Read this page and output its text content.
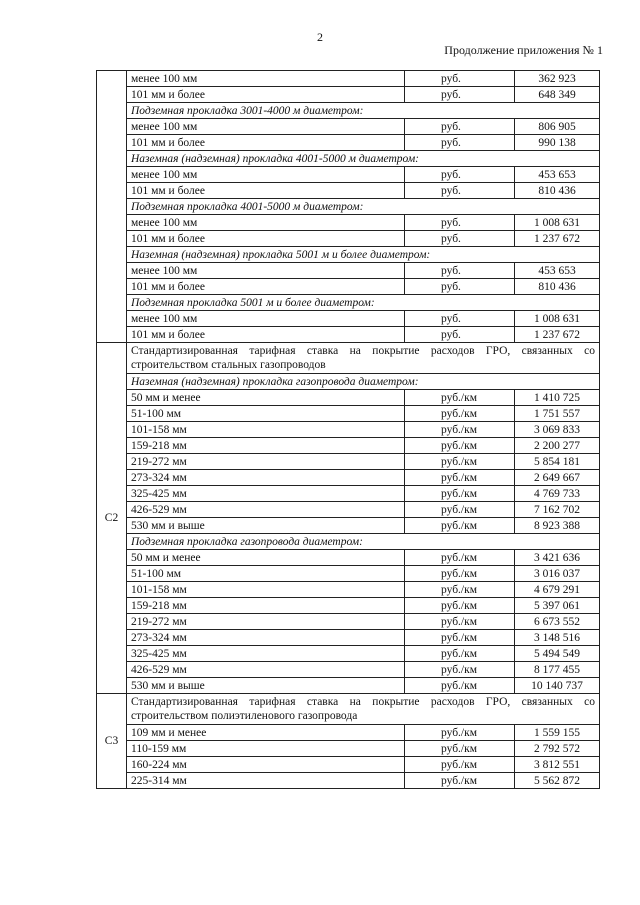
2
Продолжение приложения № 1
	менее 100 мм	руб.	362 923
	101 мм и более	руб.	648 349
	Подземная прокладка 3001-4000 м диаметром:		
	менее 100 мм	руб.	806 905
	101 мм и более	руб.	990 138
	Наземная (надземная) прокладка 4001-5000 м диаметром:		
	менее 100 мм	руб.	453 653
	101 мм и более	руб.	810 436
	Подземная прокладка 4001-5000 м диаметром:		
	менее 100 мм	руб.	1 008 631
	101 мм и более	руб.	1 237 672
	Наземная (надземная) прокладка 5001 м и более диаметром:		
	менее 100 мм	руб.	453 653
	101 мм и более	руб.	810 436
	Подземная прокладка 5001 м и более диаметром:		
	менее 100 мм	руб.	1 008 631
	101 мм и более	руб.	1 237 672
С2	Стандартизированная тарифная ставка на покрытие расходов ГРО, связанных со строительством стальных газопроводов		
	Наземная (надземная) прокладка газопровода диаметром:		
	50 мм и менее	руб./км	1 410 725
	51-100 мм	руб./км	1 751 557
	101-158 мм	руб./км	3 069 833
	159-218 мм	руб./км	2 200 277
	219-272 мм	руб./км	5 854 181
	273-324 мм	руб./км	2 649 667
	325-425 мм	руб./км	4 769 733
	426-529 мм	руб./км	7 162 702
	530 мм и выше	руб./км	8 923 388
	Подземная прокладка газопровода диаметром:		
	50 мм и менее	руб./км	3 421 636
	51-100 мм	руб./км	3 016 037
	101-158 мм	руб./км	4 679 291
	159-218 мм	руб./км	5 397 061
	219-272 мм	руб./км	6 673 552
	273-324 мм	руб./км	3 148 516
	325-425 мм	руб./км	5 494 549
	426-529 мм	руб./км	8 177 455
	530 мм и выше	руб./км	10 140 737
С3	Стандартизированная тарифная ставка на покрытие расходов ГРО, связанных со строительством полиэтиленового газопровода		
	109 мм и менее	руб./км	1 559 155
	110-159 мм	руб./км	2 792 572
	160-224 мм	руб./км	3 812 551
	225-314 мм	руб./км	5 562 872
